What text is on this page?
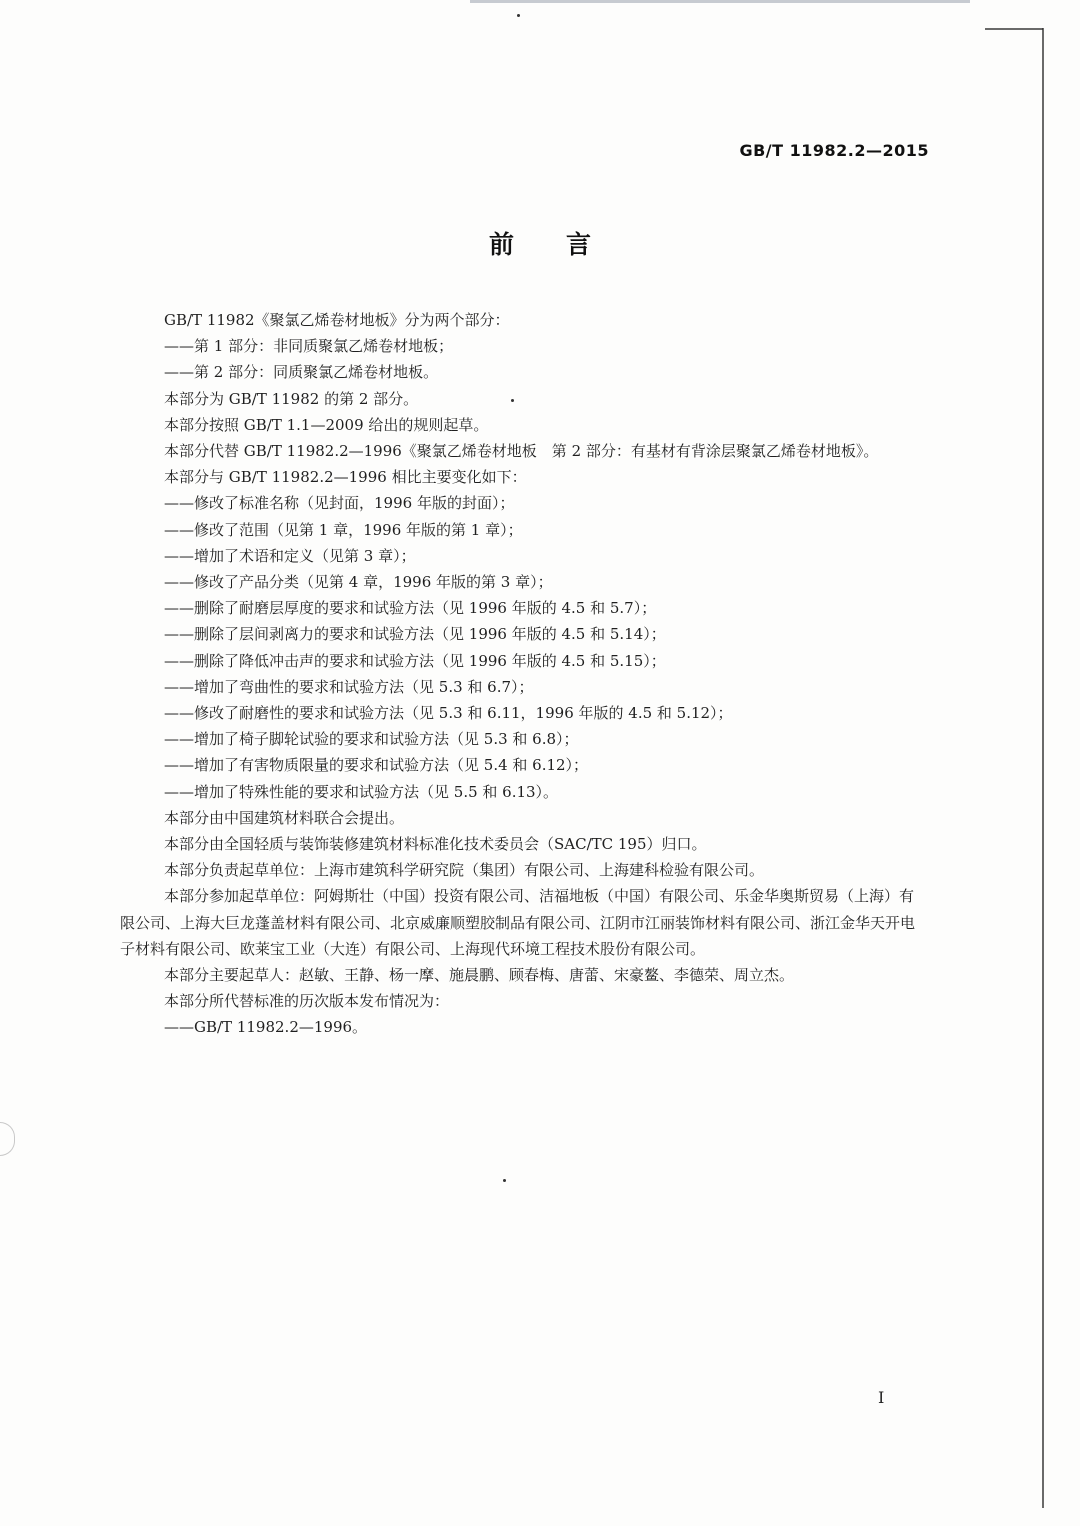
GB/T 11982.2—2015
前言

GB/T 11982《聚氯乙烯卷材地板》分为两个部分：

——第 1 部分：非同质聚氯乙烯卷材地板；

——第 2 部分：同质聚氯乙烯卷材地板。

本部分为 GB/T 11982 的第 2 部分。

本部分按照 GB/T 1.1—2009 给出的规则起草。

本部分代替 GB/T 11982.2—1996《聚氯乙烯卷材地板　第 2 部分：有基材有背涂层聚氯乙烯卷材地板》。

本部分与 GB/T 11982.2—1996 相比主要变化如下：

——修改了标准名称（见封面，1996 年版的封面）；

——修改了范围（见第 1 章，1996 年版的第 1 章）；

——增加了术语和定义（见第 3 章）；

——修改了产品分类（见第 4 章，1996 年版的第 3 章）；

——删除了耐磨层厚度的要求和试验方法（见 1996 年版的 4.5 和 5.7）；

——删除了层间剥离力的要求和试验方法（见 1996 年版的 4.5 和 5.14）；

——删除了降低冲击声的要求和试验方法（见 1996 年版的 4.5 和 5.15）；

——增加了弯曲性的要求和试验方法（见 5.3 和 6.7）；

——修改了耐磨性的要求和试验方法（见 5.3 和 6.11，1996 年版的 4.5 和 5.12）；

——增加了椅子脚轮试验的要求和试验方法（见 5.3 和 6.8）；

——增加了有害物质限量的要求和试验方法（见 5.4 和 6.12）；

——增加了特殊性能的要求和试验方法（见 5.5 和 6.13）。

本部分由中国建筑材料联合会提出。

本部分由全国轻质与装饰装修建筑材料标准化技术委员会（SAC/TC 195）归口。

本部分负责起草单位：上海市建筑科学研究院（集团）有限公司、上海建科检验有限公司。

本部分参加起草单位：阿姆斯壮（中国）投资有限公司、洁福地板（中国）有限公司、乐金华奥斯贸易（上海）有限公司、上海大巨龙蓬盖材料有限公司、北京威廉顺塑胶制品有限公司、江阴市江丽装饰材料有限公司、浙江金华天开电子材料有限公司、欧莱宝工业（大连）有限公司、上海现代环境工程技术股份有限公司。

本部分主要起草人：赵敏、王静、杨一摩、施晨鹏、顾春梅、唐蕾、宋豪鳌、李德荣、周立杰。

本部分所代替标准的历次版本发布情况为：

——GB/T 11982.2—1996。

I
